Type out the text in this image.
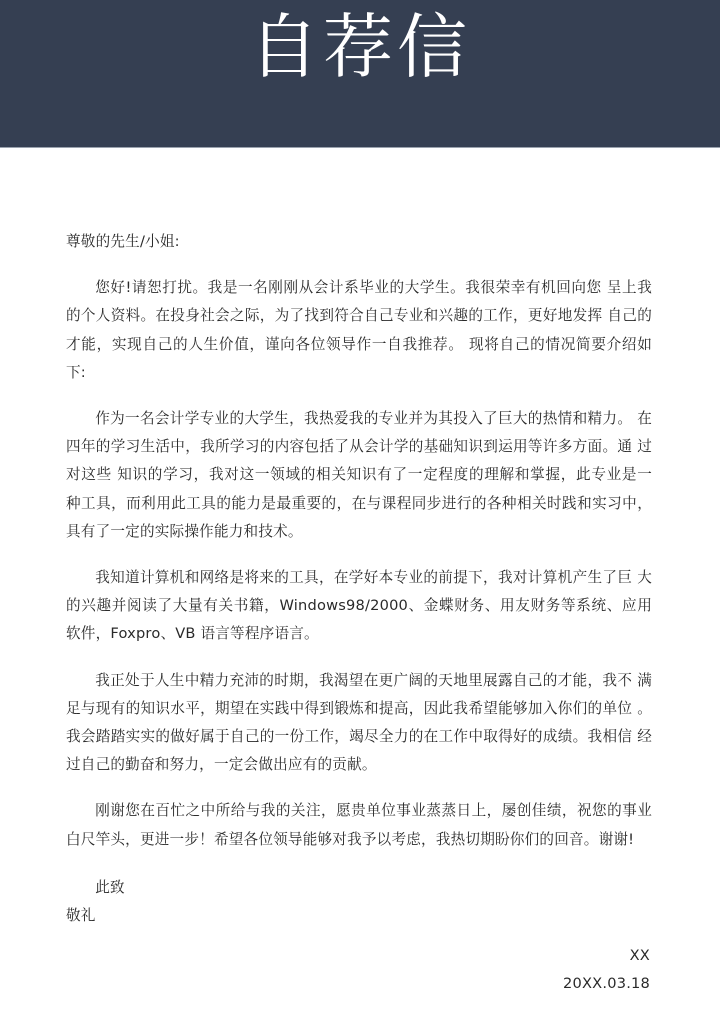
自荐信

尊敬的先生/小姐:

您好!请恕打扰。我是一名刚刚从会计系毕业的大学生。我很荣幸有机回向您 呈上我的个人资料。在投身社会之际，为了找到符合自己专业和兴趣的工作，更好地发挥 自己的才能，实现自己的人生价值，谨向各位领导作一自我推荐。 现将自己的情况简要介绍如下:

作为一名会计学专业的大学生，我热爱我的专业并为其投入了巨大的热情和精力。 在四年的学习生活中，我所学习的内容包括了从会计学的基础知识到运用等许多方面。通 过对这些 知识的学习，我对这一领域的相关知识有了一定程度的理解和掌握，此专业是一 种工具，而利用此工具的能力是最重要的，在与课程同步进行的各种相关时践和实习中， 具有了一定的实际操作能力和技术。

我知道计算机和网络是将来的工具，在学好本专业的前提下，我对计算机产生了巨 大的兴趣并阅读了大量有关书籍，Windows98/2000、金蝶财务、用友财务等系统、应用 软件，Foxpro、VB 语言等程序语言。

我正处于人生中精力充沛的时期，我渴望在更广阔的天地里展露自己的才能，我不 满足与现有的知识水平，期望在实践中得到锻炼和提高，因此我希望能够加入你们的单位 。我会踏踏实实的做好属于自己的一份工作，竭尽全力的在工作中取得好的成绩。我相信 经过自己的勤奋和努力，一定会做出应有的贡献。

刚谢您在百忙之中所给与我的关注，愿贵单位事业蒸蒸日上，屡创佳绩，祝您的事业 白尺竿头，更进一步！希望各位领导能够对我予以考虑，我热切期盼你们的回音。谢谢!

此致

敬礼

XX

20XX.03.18
